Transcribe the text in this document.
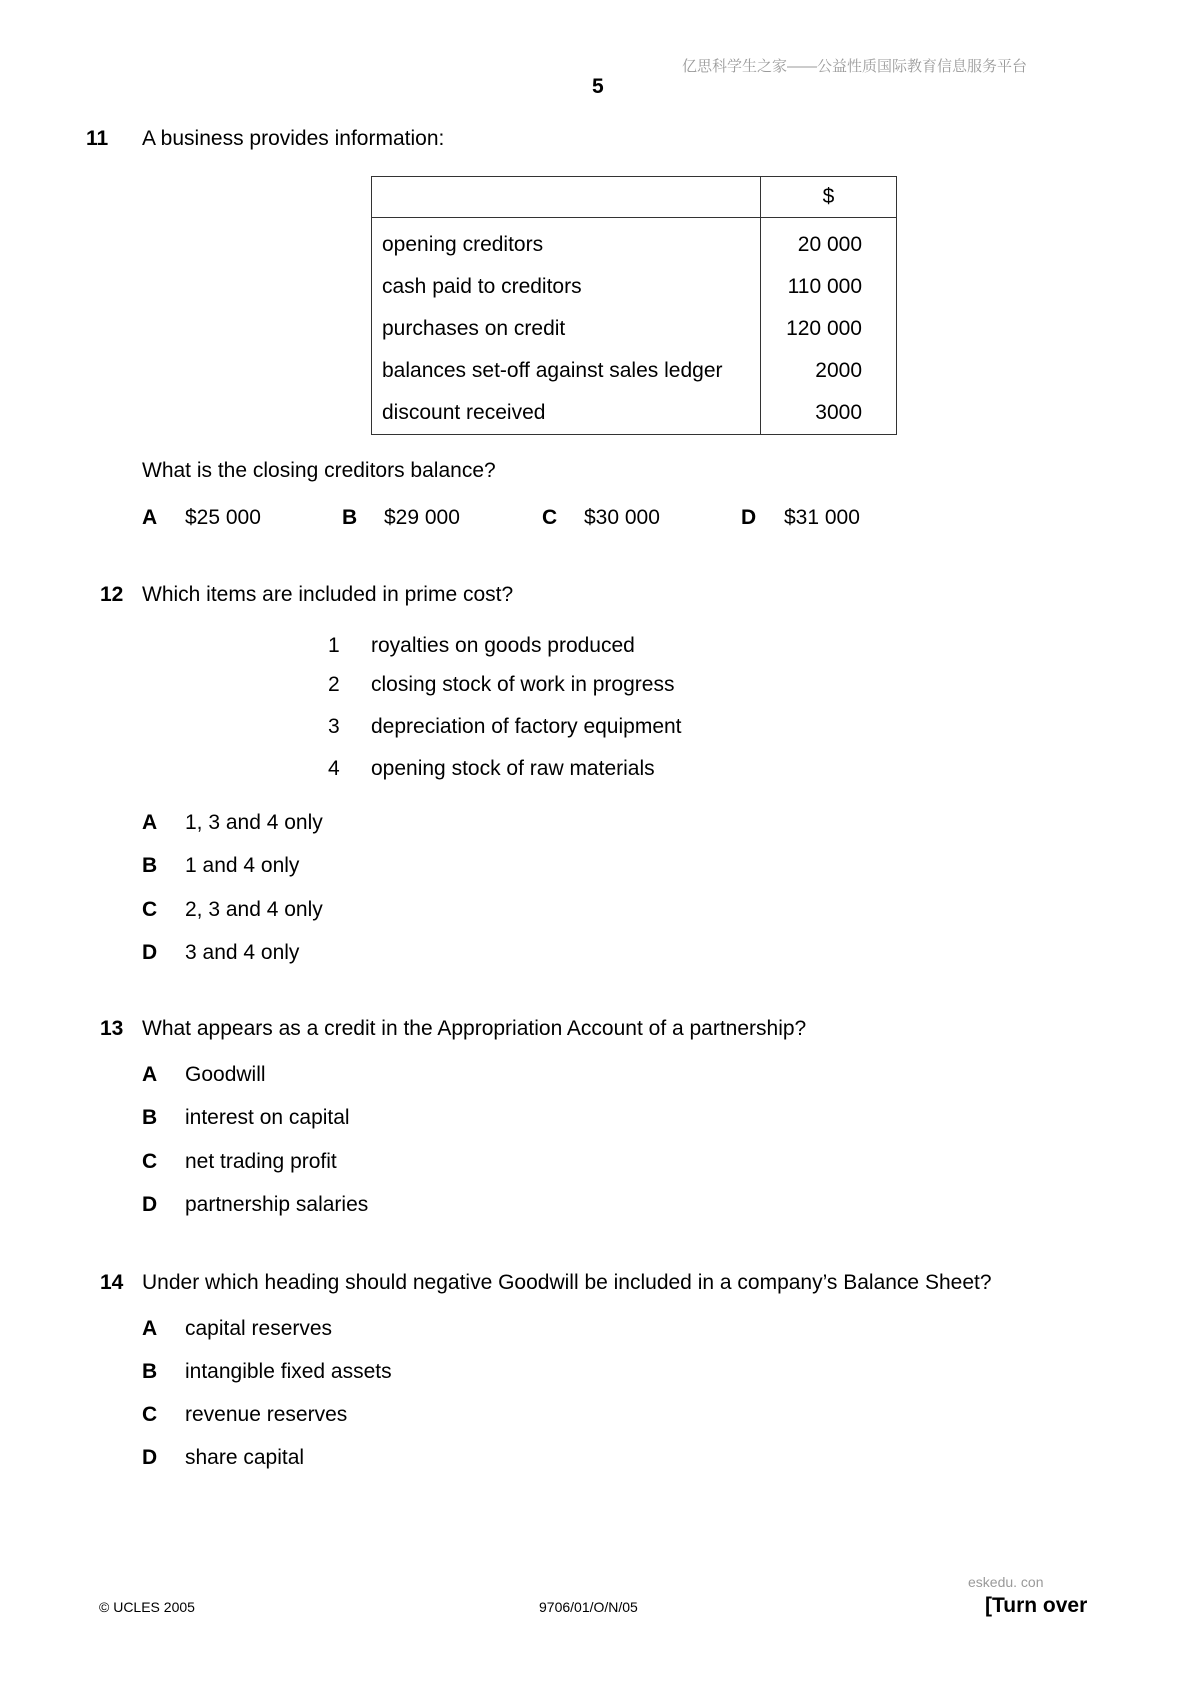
亿思科学生之家——公益性质国际教育信息服务平台
5
11 A business provides information:
	$
opening creditors	20 000
cash paid to creditors	110 000
purchases on credit	120 000
balances set-off against sales ledger	2000
discount received	3000
What is the closing creditors balance?
A $25 000	B $29 000	C $30 000	D $31 000
12 Which items are included in prime cost?
1 royalties on goods produced
2 closing stock of work in progress
3 depreciation of factory equipment
4 opening stock of raw materials
A 1, 3 and 4 only
B 1 and 4 only
C 2, 3 and 4 only
D 3 and 4 only
13 What appears as a credit in the Appropriation Account of a partnership?
A Goodwill
B interest on capital
C net trading profit
D partnership salaries
14 Under which heading should negative Goodwill be included in a company’s Balance Sheet?
A capital reserves
B intangible fixed assets
C revenue reserves
D share capital
eskedu. con
© UCLES 2005	9706/01/O/N/05	[Turn over
